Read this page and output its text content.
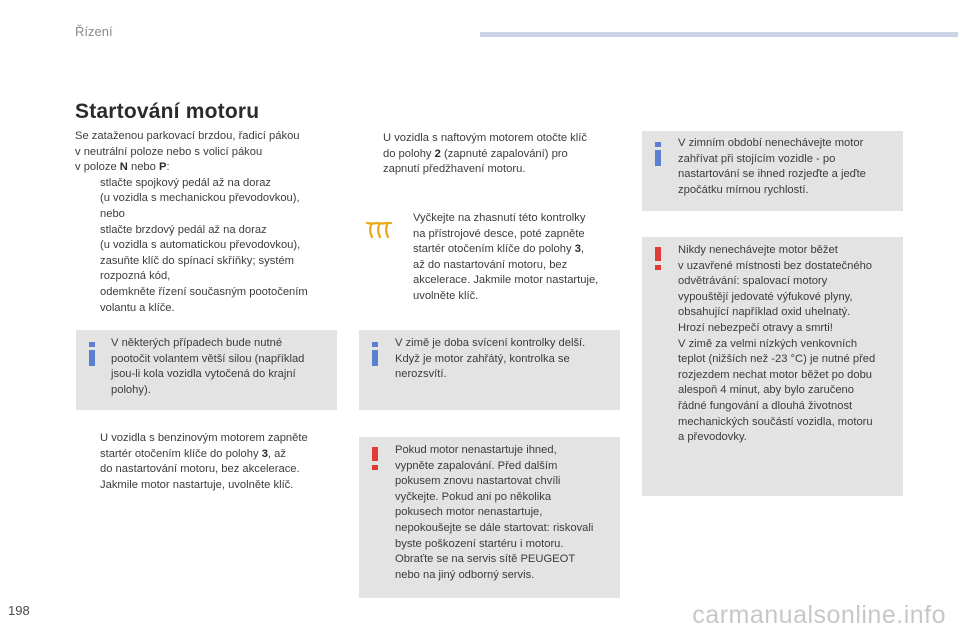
Řízení
Startování motoru

Se zataženou parkovací brzdou, řadicí pákou

v neutrální poloze nebo s volicí pákou

v poloze N nebo P:

stlačte spojkový pedál až na doraz

(u vozidla s mechanickou převodovkou),

nebo

stlačte brzdový pedál až na doraz

(u vozidla s automatickou převodovkou),

zasuňte klíč do spínací skříňky; systém

rozpozná kód,

odemkněte řízení současným pootočením

volantu a klíče.

V některých případech bude nutné

pootočit volantem větší silou (například

jsou-li kola vozidla vytočená do krajní

polohy).

U vozidla s benzinovým motorem zapněte

startér otočením klíče do polohy 3, až

do nastartování motoru, bez akcelerace.

Jakmile motor nastartuje, uvolněte klíč.

U vozidla s naftovým motorem otočte klíč

do polohy 2 (zapnuté zapalování) pro

zapnutí předžhavení motoru.

Vyčkejte na zhasnutí této kontrolky

na přístrojové desce, poté zapněte

startér otočením klíče do polohy 3,

až do nastartování motoru, bez

akcelerace. Jakmile motor nastartuje,

uvolněte klíč.

V zimě je doba svícení kontrolky delší.

Když je motor zahřátý, kontrolka se

nerozsvítí.

Pokud motor nenastartuje ihned,

vypněte zapalování. Před dalším

pokusem znovu nastartovat chvíli

vyčkejte. Pokud ani po několika

pokusech motor nenastartuje,

nepokoušejte se dále startovat: riskovali

byste poškození startéru i motoru.

Obraťte se na servis sítě PEUGEOT

nebo na jiný odborný servis.

V zimním období nenechávejte motor

zahřívat při stojícím vozidle - po

nastartování se ihned rozjeďte a jeďte

zpočátku mírnou rychlostí.

Nikdy nenechávejte motor běžet

v uzavřené místnosti bez dostatečného

odvětrávání: spalovací motory

vypouštějí jedovaté výfukové plyny,

obsahující například oxid uhelnatý.

Hrozí nebezpečí otravy a smrti!

V zimě za velmi nízkých venkovních

teplot (nižších než -23 °C) je nutné před

rozjezdem nechat motor běžet po dobu

alespoň 4 minut, aby bylo zaručeno

řádné fungování a dlouhá životnost

mechanických součástí vozidla, motoru

a převodovky.

198	carmanualsonline.info
